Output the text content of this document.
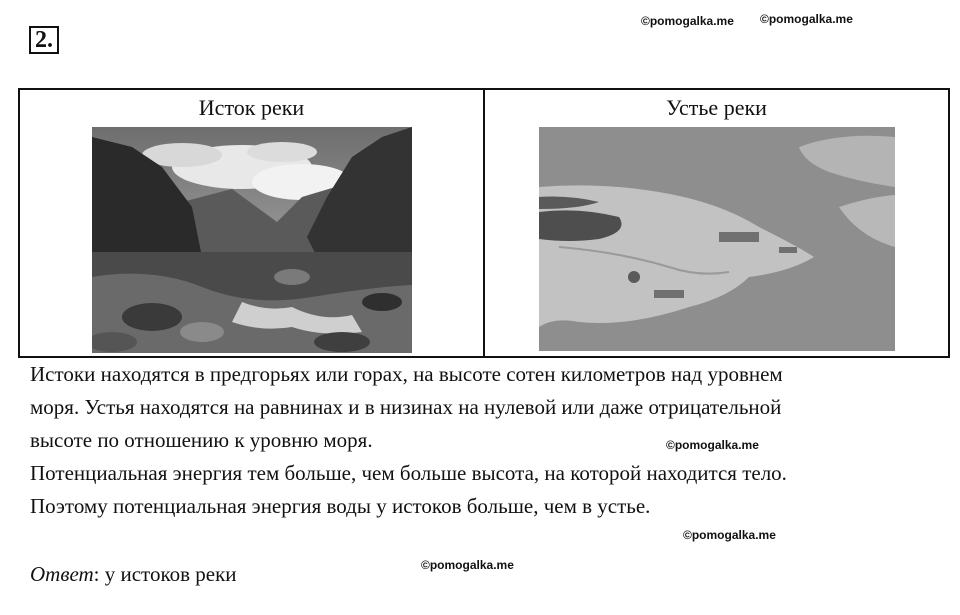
2.
©pomogalka.me ©pomogalka.me
Исток реки	Устье реки
Истоки находятся в предгорьях или горах, на высоте сотен километров над уровнем
моря. Устья находятся на равнинах и в низинах на нулевой или даже отрицательной
высоте по отношению к уровню моря.
Потенциальная энергия тем больше, чем больше высота, на которой находится тело.
Поэтому потенциальная энергия воды у истоков больше, чем в устье.
©pomogalka.me
©pomogalka.me
©pomogalka.me
Ответ: у истоков реки
